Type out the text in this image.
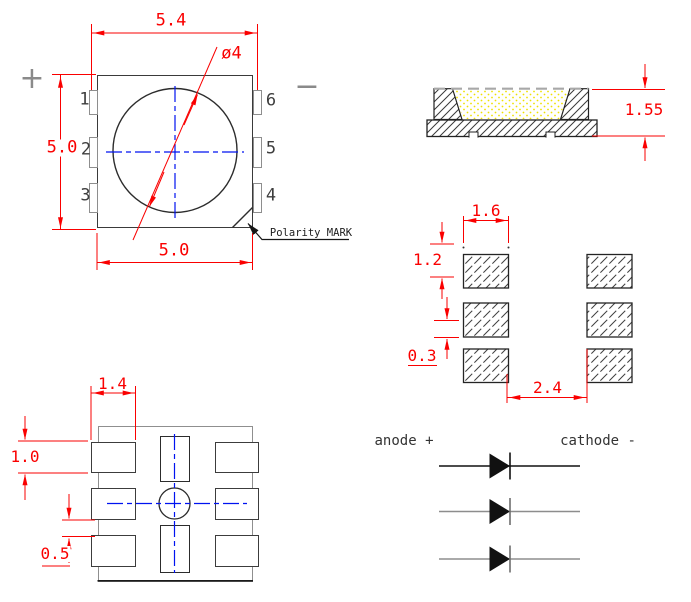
5.4
5.0
5.0
ø4
1
2
3
6
5
4
+	−
Polarity MARK
1.55
1.6
1.2
0.3
2.4
1.4
1.0
0.5
anode +	cathode -
